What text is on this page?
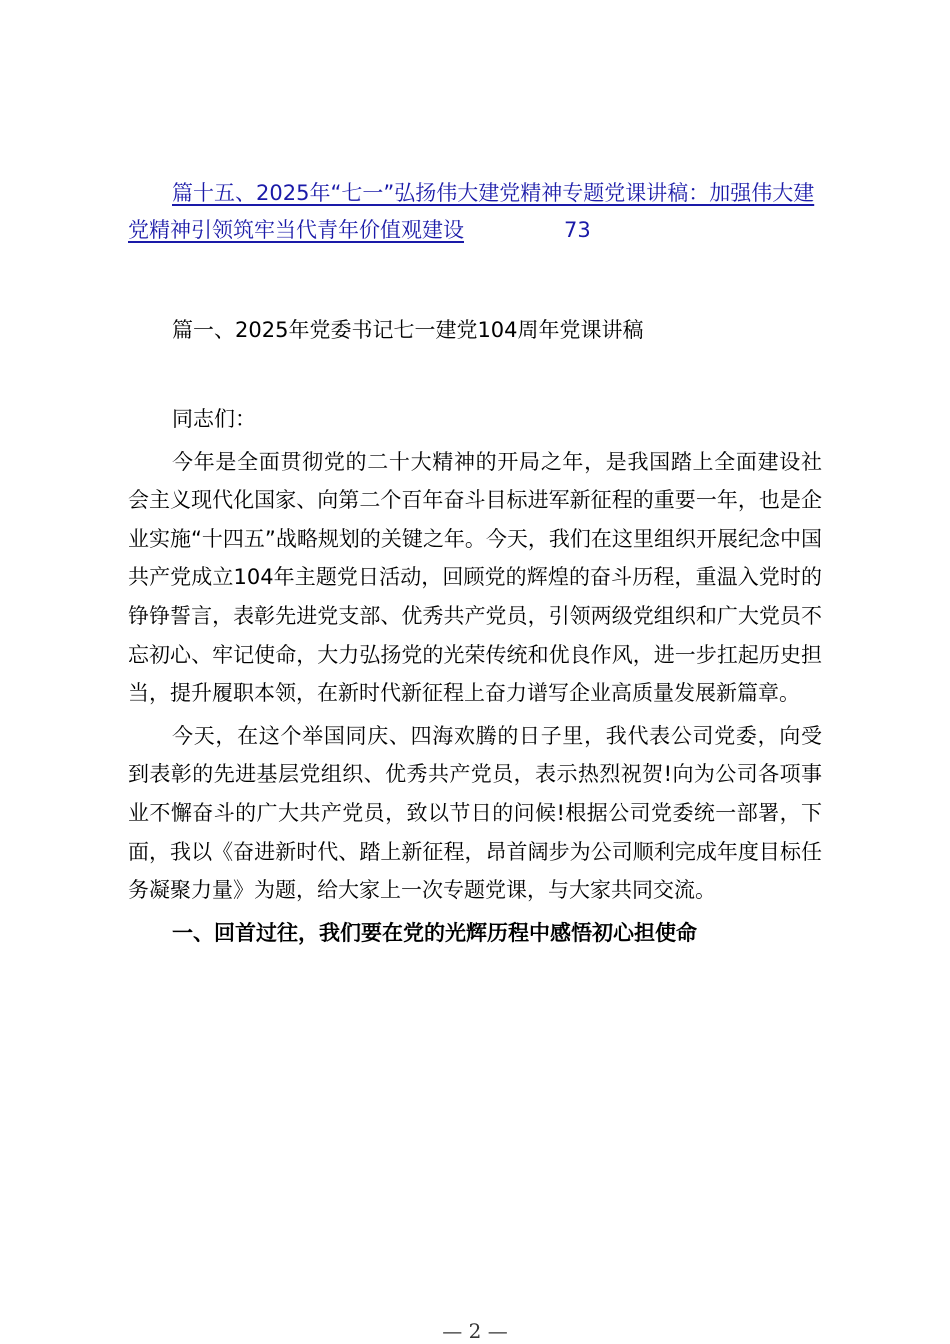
篇十五、2025年“七一”弘扬伟大建党精神专题党课讲稿：加强伟大建党精神引领筑牢当代青年价值观建设	73

篇一、2025年党委书记七一建党104周年党课讲稿

同志们：

今年是全面贯彻党的二十大精神的开局之年，是我国踏上全面建设社会主义现代化国家、向第二个百年奋斗目标进军新征程的重要一年，也是企业实施“十四五”战略规划的关键之年。今天，我们在这里组织开展纪念中国共产党成立104年主题党日活动，回顾党的辉煌的奋斗历程，重温入党时的铮铮誓言，表彰先进党支部、优秀共产党员，引领两级党组织和广大党员不忘初心、牢记使命，大力弘扬党的光荣传统和优良作风，进一步扛起历史担当，提升履职本领，在新时代新征程上奋力谱写企业高质量发展新篇章。

今天，在这个举国同庆、四海欢腾的日子里，我代表公司党委，向受到表彰的先进基层党组织、优秀共产党员，表示热烈祝贺!向为公司各项事业不懈奋斗的广大共产党员，致以节日的问候!根据公司党委统一部署，下面，我以《奋进新时代、踏上新征程，昂首阔步为公司顺利完成年度目标任务凝聚力量》为题，给大家上一次专题党课，与大家共同交流。

一、回首过往，我们要在党的光辉历程中感悟初心担使命

— 2 —
